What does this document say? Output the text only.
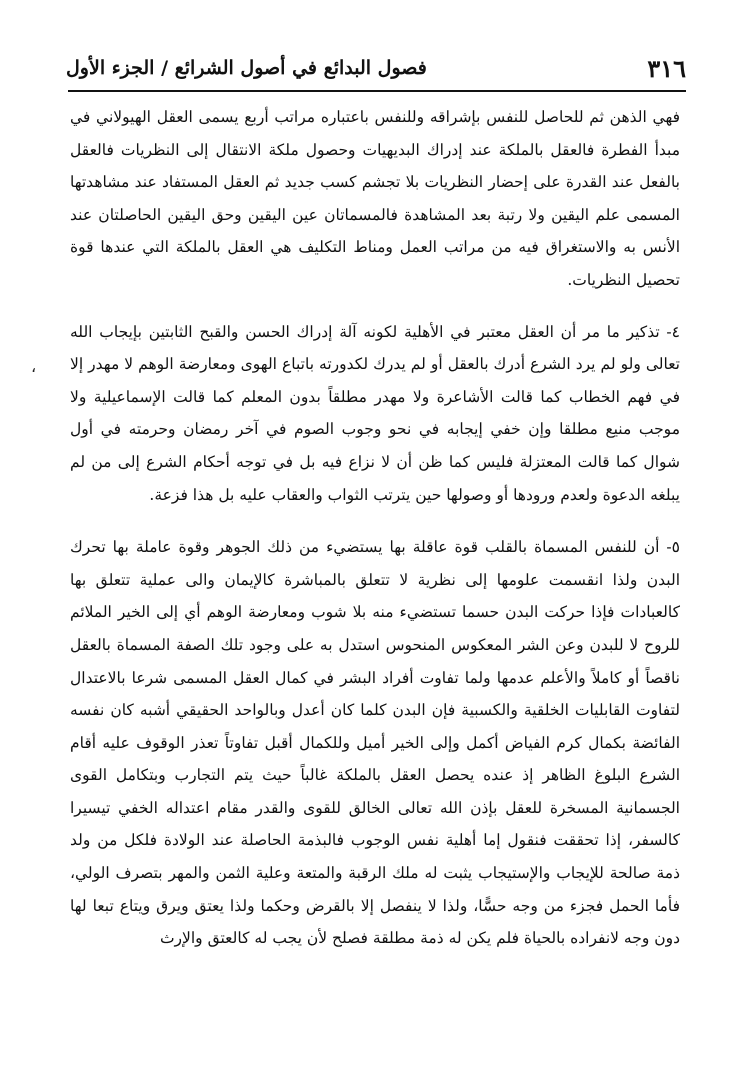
٣١٦
فصول البدائع في أصول الشرائع / الجزء الأول

فهي الذهن ثم للحاصل للنفس بإشراقه وللنفس باعتباره مراتب أربع يسمى العقل الهيولاني في مبدأ الفطرة فالعقل بالملكة عند إدراك البديهيات وحصول ملكة الانتقال إلى النظريات فالعقل بالفعل عند القدرة على إحضار النظريات بلا تجشم كسب جديد ثم العقل المستفاد عند مشاهدتها المسمى علم اليقين ولا رتبة بعد المشاهدة فالمسماتان عين اليقين وحق اليقين الحاصلتان عند الأنس به والاستغراق فيه من مراتب العمل ومناط التكليف هي العقل بالملكة التي عندها قوة تحصيل النظريات.

٤- تذكير ما مر أن العقل معتبر في الأهلية لكونه آلة إدراك الحسن والقبح الثابتين بإيجاب الله تعالى ولو لم يرد الشرع أدرك بالعقل أو لم يدرك لكدورته باتباع الهوى ومعارضة الوهم لا مهدر إلا في فهم الخطاب كما قالت الأشاعرة ولا مهدر مطلقاً بدون المعلم كما قالت الإسماعيلية ولا موجب منيع مطلقا وإن خفي إيجابه في نحو وجوب الصوم في آخر رمضان وحرمته في أول شوال كما قالت المعتزلة فليس كما ظن أن لا نزاع فيه بل في توجه أحكام الشرع إلى من لم يبلغه الدعوة ولعدم ورودها أو وصولها حين يترتب الثواب والعقاب عليه بل هذا فزعة.

٥- أن للنفس المسماة بالقلب قوة عاقلة بها يستضيء من ذلك الجوهر وقوة عاملة بها تحرك البدن ولذا انقسمت علومها إلى نظرية لا تتعلق بالمباشرة كالإيمان والى عملية تتعلق بها كالعبادات فإذا حركت البدن حسما تستضيء منه بلا شوب ومعارضة الوهم أي إلى الخير الملائم للروح لا للبدن وعن الشر المعكوس المنحوس استدل به على وجود تلك الصفة المسماة بالعقل ناقصاً أو كاملاً والأعلم عدمها ولما تفاوت أفراد البشر في كمال العقل المسمى شرعا بالاعتدال لتفاوت القابليات الخلقية والكسبية فإن البدن كلما كان أعدل وبالواحد الحقيقي أشبه كان نفسه الفائضة بكمال كرم الفياض أكمل وإلى الخير أميل وللكمال أقبل تفاوتاً تعذر الوقوف عليه أقام الشرع البلوغ الظاهر إذ عنده يحصل العقل بالملكة غالباً حيث يتم التجارب وبتكامل القوى الجسمانية المسخرة للعقل بإذن الله تعالى الخالق للقوى والقدر مقام اعتداله الخفي تيسيرا كالسفر، إذا تحققت فنقول إما أهلية نفس الوجوب فالبذمة الحاصلة عند الولادة فلكل من ولد ذمة صالحة للإيجاب والإستيجاب يثبت له ملك الرقبة والمتعة وعلية الثمن والمهر بتصرف الولي، فأما الحمل فجزء من وجه حسًّا، ولذا لا ينفصل إلا بالقرض وحكما ولذا يعتق ويرق ويتاع تبعا لها دون وجه لانفراده بالحياة فلم يكن له ذمة مطلقة فصلح لأن يجب له كالعتق والإرث

،
